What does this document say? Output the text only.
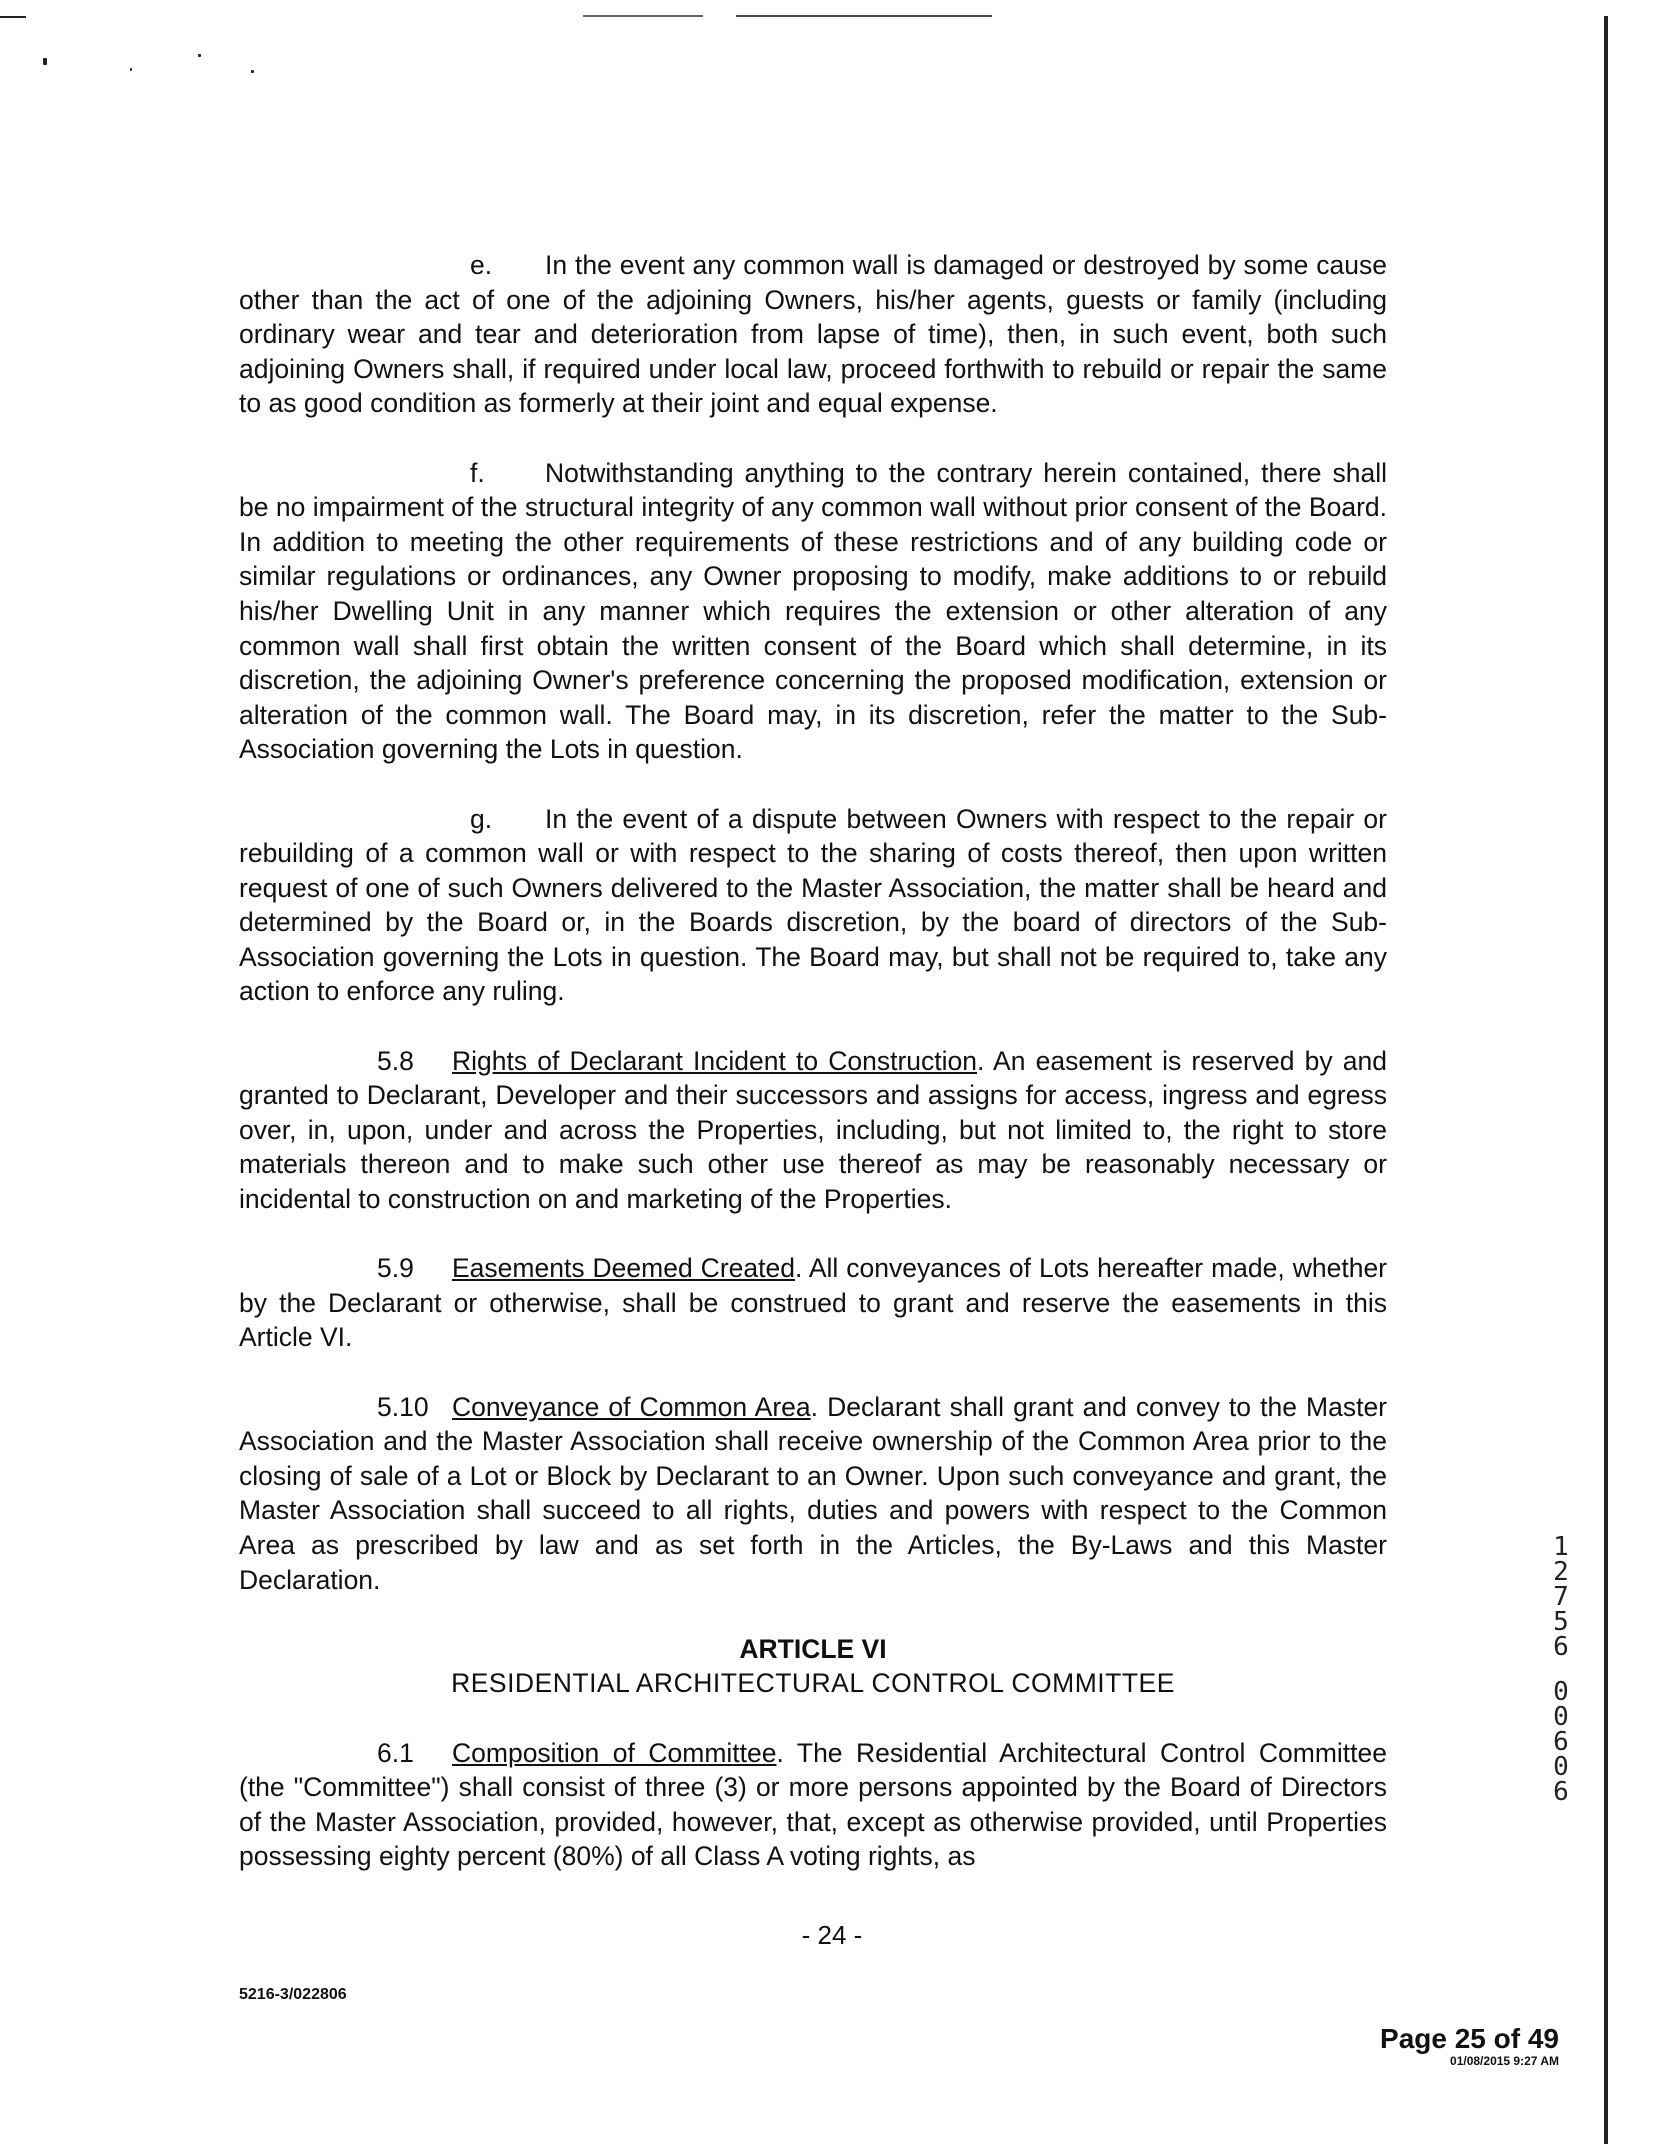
e. In the event any common wall is damaged or destroyed by some cause other than the act of one of the adjoining Owners, his/her agents, guests or family (including ordinary wear and tear and deterioration from lapse of time), then, in such event, both such adjoining Owners shall, if required under local law, proceed forthwith to rebuild or repair the same to as good condition as formerly at their joint and equal expense.

f. Notwithstanding anything to the contrary herein contained, there shall be no impairment of the structural integrity of any common wall without prior consent of the Board. In addition to meeting the other requirements of these restrictions and of any building code or similar regulations or ordinances, any Owner proposing to modify, make additions to or rebuild his/her Dwelling Unit in any manner which requires the extension or other alteration of any common wall shall first obtain the written consent of the Board which shall determine, in its discretion, the adjoining Owner's preference concerning the proposed modification, extension or alteration of the common wall. The Board may, in its discretion, refer the matter to the Sub-Association governing the Lots in question.

g. In the event of a dispute between Owners with respect to the repair or rebuilding of a common wall or with respect to the sharing of costs thereof, then upon written request of one of such Owners delivered to the Master Association, the matter shall be heard and determined by the Board or, in the Boards discretion, by the board of directors of the Sub-Association governing the Lots in question. The Board may, but shall not be required to, take any action to enforce any ruling.

5.8 Rights of Declarant Incident to Construction. An easement is reserved by and granted to Declarant, Developer and their successors and assigns for access, ingress and egress over, in, upon, under and across the Properties, including, but not limited to, the right to store materials thereon and to make such other use thereof as may be reasonably necessary or incidental to construction on and marketing of the Properties.

5.9 Easements Deemed Created. All conveyances of Lots hereafter made, whether by the Declarant or otherwise, shall be construed to grant and reserve the easements in this Article VI.

5.10 Conveyance of Common Area. Declarant shall grant and convey to the Master Association and the Master Association shall receive ownership of the Common Area prior to the closing of sale of a Lot or Block by Declarant to an Owner. Upon such conveyance and grant, the Master Association shall succeed to all rights, duties and powers with respect to the Common Area as prescribed by law and as set forth in the Articles, the By-Laws and this Master Declaration.

ARTICLE VI
RESIDENTIAL ARCHITECTURAL CONTROL COMMITTEE

6.1 Composition of Committee. The Residential Architectural Control Committee (the "Committee") shall consist of three (3) or more persons appointed by the Board of Directors of the Master Association, provided, however, that, except as otherwise provided, until Properties possessing eighty percent (80%) of all Class A voting rights, as

1
2
7
5
6
0
0
6
0
6
- 24 -
5216-3/022806
Page 25 of 49
01/08/2015 9:27 AM
